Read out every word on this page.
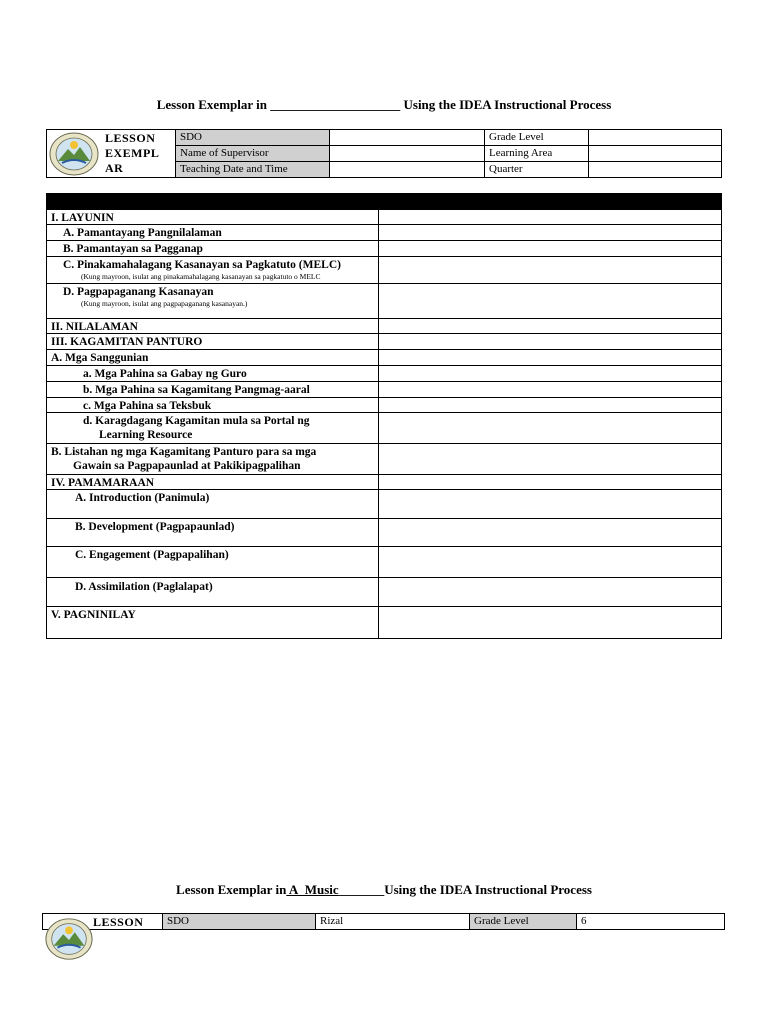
Lesson Exemplar in ____________________ Using the IDEA Instructional Process
LESSON
EXEMPL
AR
SDO	Grade Level
Name of Supervisor	Learning Area
Teaching Date and Time	Quarter
I. LAYUNIN
A. Pamantayang Pangnilalaman
B. Pamantayan sa Pagganap
C. Pinakamahalagang Kasanayan sa Pagkatuto (MELC)
(Kung mayroon, isulat ang pinakamahalagang kasanayan sa pagkatuto o MELC
D. Pagpapaganang Kasanayan
(Kung mayroon, isulat ang pagpapaganang kasanayan.)
II. NILALAMAN
III. KAGAMITAN PANTURO
A. Mga Sanggunian
a. Mga Pahina sa Gabay ng Guro
b. Mga Pahina sa Kagamitang Pangmag-aaral
c. Mga Pahina sa Teksbuk
d. Karagdagang Kagamitan mula sa Portal ng
Learning Resource
B. Listahan ng mga Kagamitang Panturo para sa mga
Gawain sa Pagpapaunlad at Pakikipagpalihan
IV. PAMAMARAAN
A. Introduction (Panimula)
B. Development (Pagpapaunlad)
C. Engagement (Pagpapalihan)
D. Assimilation (Paglalapat)
V. PAGNINILAY
Lesson Exemplar in A_Music_______Using the IDEA Instructional Process
LESSON	SDO	Rizal	Grade Level	6
